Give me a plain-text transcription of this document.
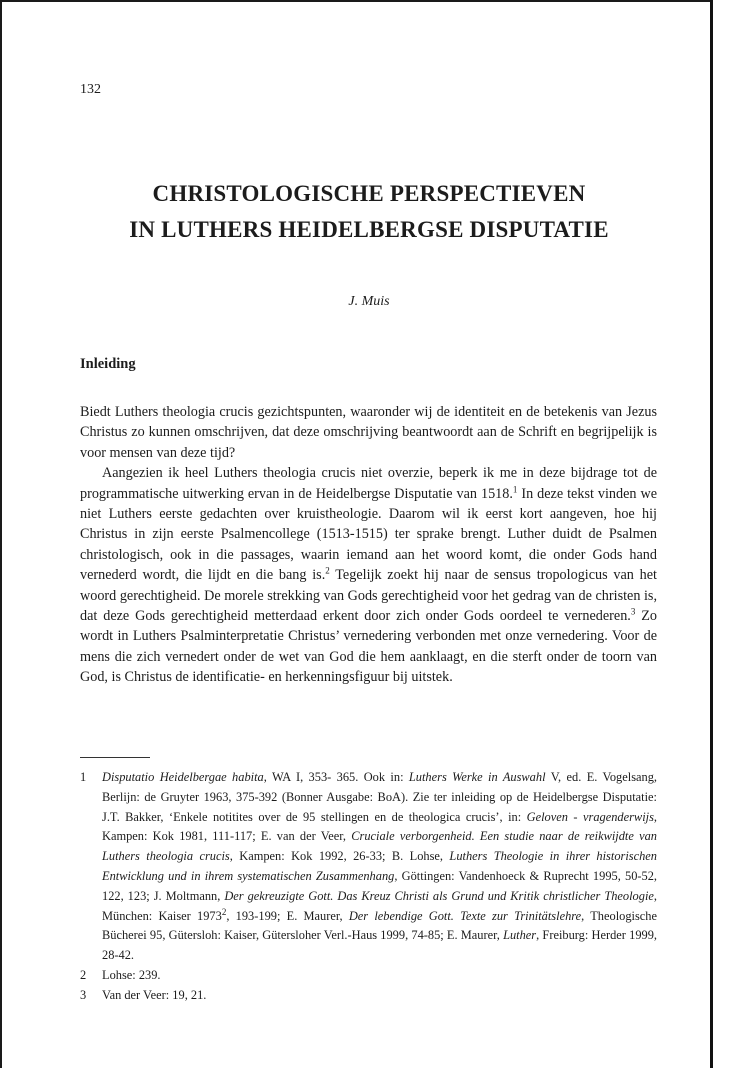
132
CHRISTOLOGISCHE PERSPECTIEVEN
IN LUTHERS HEIDELBERGSE DISPUTATIE
J. Muis
Inleiding

Biedt Luthers theologia crucis gezichtspunten, waaronder wij de identiteit en de betekenis van Jezus Christus zo kunnen omschrijven, dat deze omschrijving beantwoordt aan de Schrift en begrijpelijk is voor mensen van deze tijd?

Aangezien ik heel Luthers theologia crucis niet overzie, beperk ik me in deze bijdrage tot de programmatische uitwerking ervan in de Heidelbergse Disputatie van 1518.$^1$ In deze tekst vinden we niet Luthers eerste gedachten over kruistheologie. Daarom wil ik eerst kort aangeven, hoe hij Christus in zijn eerste Psalmencollege (1513-1515) ter sprake brengt. Luther duidt de Psalmen christologisch, ook in die passages, waarin iemand aan het woord komt, die onder Gods hand vernederd wordt, die lijdt en die bang is.$^2$ Tegelijk zoekt hij naar de sensus tropologicus van het woord gerechtigheid. De morele strekking van Gods gerechtigheid voor het gedrag van de christen is, dat deze Gods gerechtigheid metterdaad erkent door zich onder Gods oordeel te vernederen.$^3$ Zo wordt in Luthers Psalminterpretatie Christus’ vernedering verbonden met onze vernedering. Voor de mens die zich vernedert onder de wet van God die hem aanklaagt, en die sterft onder de toorn van God, is Christus de identificatie- en herkenningsfiguur bij uitstek.

1	Disputatio Heidelbergae habita, WA I, 353- 365. Ook in: Luthers Werke in Auswahl V, ed. E. Vogelsang, Berlijn: de Gruyter 1963, 375-392 (Bonner Ausgabe: BoA). Zie ter inleiding op de Heidelbergse Disputatie: J.T. Bakker, ‘Enkele notitites over de 95 stellingen en de theologica crucis’, in: Geloven - vragenderwijs, Kampen: Kok 1981, 111-117; E. van der Veer, Cruciale verborgenheid. Een studie naar de reikwijdte van Luthers theologia crucis, Kampen: Kok 1992, 26-33; B. Lohse, Luthers Theologie in ihrer historischen Entwicklung und in ihrem systematischen Zusammenhang, Göttingen: Vandenhoeck & Ruprecht 1995, 50-52, 122, 123; J. Moltmann, Der gekreuzigte Gott. Das Kreuz Christi als Grund und Kritik christlicher Theologie, München: Kaiser 1973$^2$, 193-199; E. Maurer, Der lebendige Gott. Texte zur Trinitätslehre, Theologische Bücherei 95, Gütersloh: Kaiser, Gütersloher Verl.-Haus 1999, 74-85; E. Maurer, Luther, Freiburg: Herder 1999, 28-42.
2	Lohse: 239.
3	Van der Veer: 19, 21.
